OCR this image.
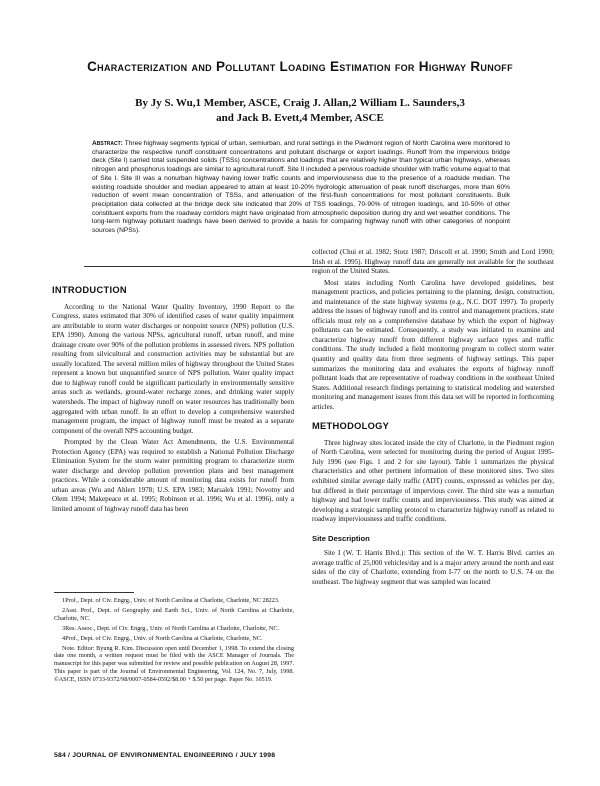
Characterization and Pollutant Loading Estimation for Highway Runoff
By Jy S. Wu,1 Member, ASCE, Craig J. Allan,2 William L. Saunders,3
and Jack B. Evett,4 Member, ASCE
Abstract: Three highway segments typical of urban, semiurban, and rural settings in the Piedmont region of North Carolina were monitored to characterize the respective runoff constituent concentrations and pollutant discharge or export loadings. Runoff from the impervious bridge deck (Site I) carried total suspended solids (TSSs) concentrations and loadings that are relatively higher than typical urban highways, whereas nitrogen and phosphorus loadings are similar to agricultural runoff. Site II included a pervious roadside shoulder with traffic volume equal to that of Site I. Site III was a nonurban highway having lower traffic counts and imperviousness due to the presence of a roadside median. The existing roadside shoulder and median appeared to attain at least 10-20% hydrologic attenuation of peak runoff discharges, more than 60% reduction of event mean concentration of TSSs, and attenuation of the first-flush concentrations for most pollutant constituents. Bulk precipitation data collected at the bridge deck site indicated that 20% of TSS loadings, 70-90% of nitrogen loadings, and 10-50% of other constituent exports from the roadway corridors might have originated from atmospheric deposition during dry and wet weather conditions. The long-term highway pollutant loadings have been derived to provide a basis for comparing highway runoff with other categories of nonpoint sources (NPSs).
INTRODUCTION

According to the National Water Quality Inventory, 1990 Report to the Congress, states estimated that 30% of identified cases of water quality impairment are attributable to storm water discharges or nonpoint source (NPS) pollution (U.S. EPA 1990). Among the various NPSs, agricultural runoff, urban runoff, and mine drainage create over 90% of the pollution problems in assessed rivers. NPS pollution resulting from silvicultural and construction activities may be substantial but are usually localized. The several million miles of highway throughout the United States represent a known but unquantified source of NPS pollution. Water quality impact due to highway runoff could be significant particularly in environmentally sensitive areas such as wetlands, ground-water recharge zones, and drinking water supply watersheds. The impact of highway runoff on water resources has traditionally been aggregated with urban runoff. In an effort to develop a comprehensive watershed management program, the impact of highway runoff must be treated as a separate component of the overall NPS accounting budget.

Prompted by the Clean Water Act Amendments, the U.S. Environmental Protection Agency (EPA) was required to establish a National Pollution Discharge Elimination System for the storm water permitting program to characterize storm water discharge and develop pollution prevention plans and best management practices. While a considerable amount of monitoring data exists for runoff from urban areas (Wu and Ahlert 1978; U.S. EPA 1983; Marsalek 1991; Novotny and Olem 1994; Makepeace et al. 1995; Robinson et al. 1996; Wu et al. 1996), only a limited amount of highway runoff data has been

1Prof., Dept. of Civ. Engrg., Univ. of North Carolina at Charlotte, Charlotte, NC 28223.

2Asst. Prof., Dept. of Geography and Earth Sci., Univ. of North Carolina at Charlotte, Charlotte, NC.

3Res. Assoc., Dept. of Civ. Engrg., Univ. of North Carolina at Charlotte, Charlotte, NC.

4Prof., Dept. of Civ. Engrg., Univ. of North Carolina at Charlotte, Charlotte, NC.

Note. Editor: Byung R. Kim. Discussion open until December 1, 1998. To extend the closing date one month, a written request must be filed with the ASCE Manager of Journals. The manuscript for this paper was submitted for review and possible publication on August 28, 1997. This paper is part of the Journal of Environmental Engineering, Vol. 124, No. 7, July, 1998. ©ASCE, ISSN 0733-9372/98/0007-0584-0592/$8.00 + $.50 per page. Paper No. 16519.

collected (Chui et al. 1982; Stotz 1987; Driscoll et al. 1990; Smith and Lord 1990; Irish et al. 1995). Highway runoff data are generally not available for the southeast region of the United States.

Most states including North Carolina have developed guidelines, best management practices, and policies pertaining to the planning, design, construction, and maintenance of the state highway systems (e.g., N.C. DOT 1997). To properly address the issues of highway runoff and its control and management practices, state officials must rely on a comprehensive database by which the export of highway pollutants can be estimated. Consequently, a study was initiated to examine and characterize highway runoff from different highway surface types and traffic conditions. The study included a field monitoring program to collect storm water quantity and quality data from three segments of highway settings. This paper summarizes the monitoring data and evaluates the exports of highway runoff pollutant loads that are representative of roadway conditions in the southeast United States. Additional research findings pertaining to statistical modeling and watershed monitoring and management issues from this data set will be reported in forthcoming articles.

METHODOLOGY

Three highway sites located inside the city of Charlotte, in the Piedmont region of North Carolina, were selected for monitoring during the period of August 1995-July 1996 (see Figs. 1 and 2 for site layout). Table 1 summarizes the physical characteristics and other pertinent information of these monitored sites. Two sites exhibited similar average daily traffic (ADT) counts, expressed as vehicles per day, but differed in their percentage of impervious cover. The third site was a nonurban highway and had lower traffic counts and imperviousness. This study was aimed at developing a strategic sampling protocol to characterize highway runoff as related to roadway imperviousness and traffic conditions.

Site Description

Site I (W. T. Harris Blvd.): This section of the W. T. Harris Blvd. carries an average traffic of 25,000 vehicles/day and is a major artery around the north and east sides of the city of Charlotte, extending from I-77 on the north to U.S. 74 on the southeast. The highway segment that was sampled was located

584 / JOURNAL OF ENVIRONMENTAL ENGINEERING / JULY 1998
